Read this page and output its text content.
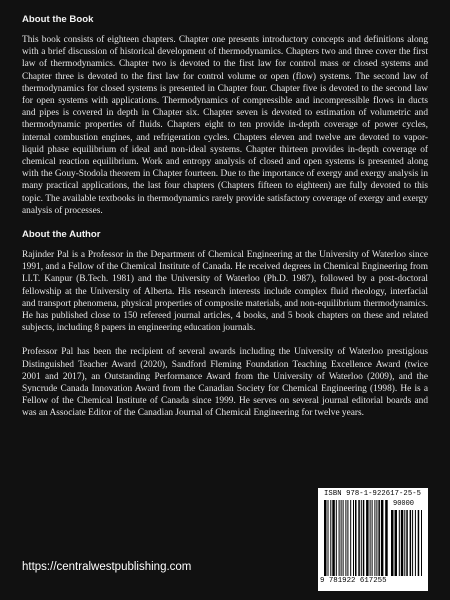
About the Book

This book consists of eighteen chapters. Chapter one presents introductory concepts and definitions along with a brief discussion of historical development of thermodynamics. Chapters two and three cover the first law of thermodynamics. Chapter two is devoted to the first law for control mass or closed systems and Chapter three is devoted to the first law for control volume or open (flow) systems. The second law of thermodynamics for closed systems is presented in Chapter four. Chapter five is devoted to the second law for open systems with applications. Thermodynamics of compressible and incompressible flows in ducts and pipes is covered in depth in Chapter six. Chapter seven is devoted to estimation of volumetric and thermodynamic properties of fluids. Chapters eight to ten provide in-depth coverage of power cycles, internal combustion engines, and refrigeration cycles. Chapters eleven and twelve are devoted to vapor-liquid phase equilibrium of ideal and non-ideal systems. Chapter thirteen provides in-depth coverage of chemical reaction equilibrium. Work and entropy analysis of closed and open systems is presented along with the Gouy-Stodola theorem in Chapter fourteen. Due to the importance of exergy and exergy analysis in many practical applications, the last four chapters (Chapters fifteen to eighteen) are fully devoted to this topic. The available textbooks in thermodynamics rarely provide satisfactory coverage of exergy and exergy analysis of processes.

About the Author

Rajinder Pal is a Professor in the Department of Chemical Engineering at the University of Waterloo since 1991, and a Fellow of the Chemical Institute of Canada. He received degrees in Chemical Engineering from I.I.T. Kanpur (B.Tech. 1981) and the University of Waterloo (Ph.D. 1987), followed by a post-doctoral fellowship at the University of Alberta. His research interests include complex fluid rheology, interfacial and transport phenomena, physical properties of composite materials, and non-equilibrium thermodynamics. He has published close to 150 refereed journal articles, 4 books, and 5 book chapters on these and related subjects, including 8 papers in engineering education journals.

Professor Pal has been the recipient of several awards including the University of Waterloo prestigious Distinguished Teacher Award (2020), Sandford Fleming Foundation Teaching Excellence Award (twice 2001 and 2017), an Outstanding Performance Award from the University of Waterloo (2009), and the Syncrude Canada Innovation Award from the Canadian Society for Chemical Engineering (1998). He is a Fellow of the Chemical Institute of Canada since 1999. He serves on several journal editorial boards and was an Associate Editor of the Canadian Journal of Chemical Engineering for twelve years.

https://centralwestpublishing.com
ISBN 978-1-922617-25-5
90000
9 781922 617255
